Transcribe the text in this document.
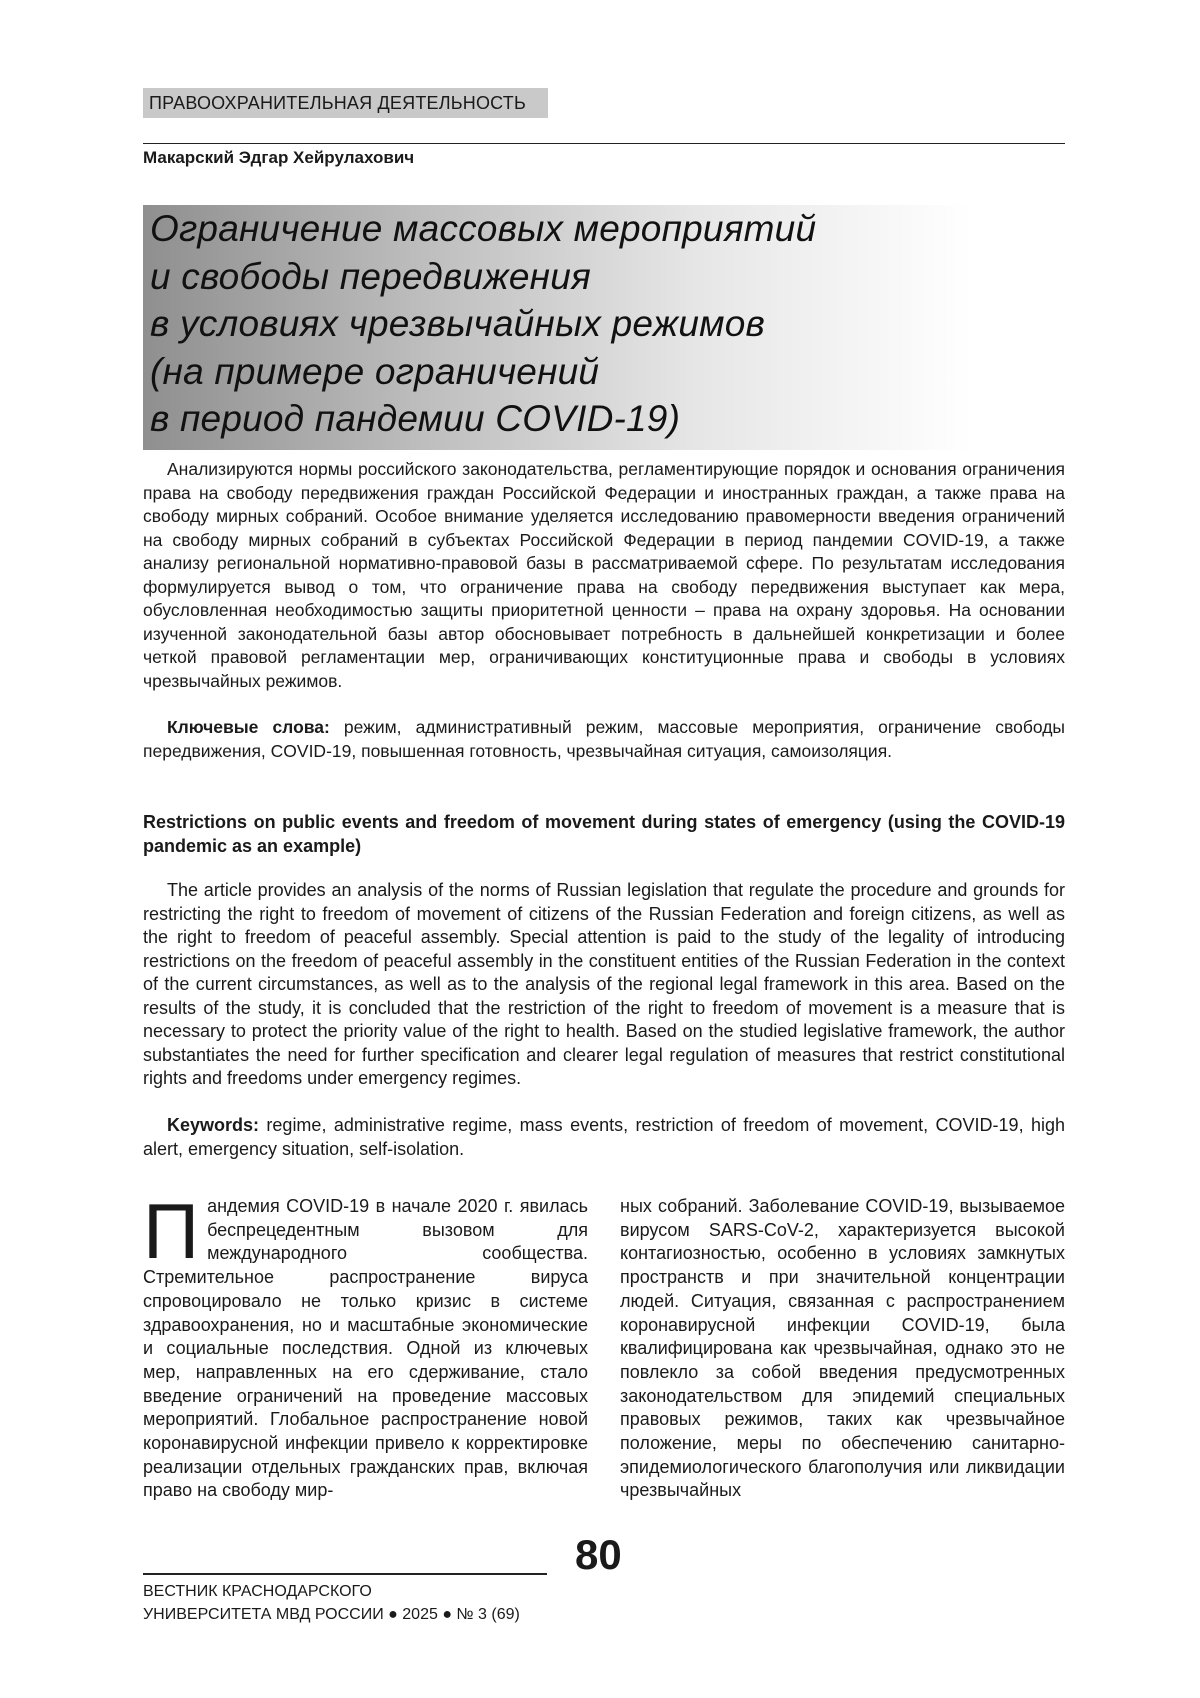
ПРАВООХРАНИТЕЛЬНАЯ ДЕЯТЕЛЬНОСТЬ
Макарский Эдгар Хейрулахович
Ограничение массовых мероприятий
и свободы передвижения
в условиях чрезвычайных режимов
(на примере ограничений
в период пандемии COVID-19)

Анализируются нормы российского законодательства, регламентирующие порядок и основания ограничения права на свободу передвижения граждан Российской Федерации и иностранных граждан, а также права на свободу мирных собраний. Особое внимание уделяется исследованию правомерности введения ограничений на свободу мирных собраний в субъектах Российской Федерации в период пандемии COVID-19, а также анализу региональной нормативно-правовой базы в рассматриваемой сфере. По результатам исследования формулируется вывод о том, что ограничение права на свободу передвижения выступает как мера, обусловленная необходимостью защиты приоритетной ценности – права на охрану здоровья. На основании изученной законодательной базы автор обосновывает потребность в дальнейшей конкретизации и более четкой правовой регламентации мер, ограничивающих конституционные права и свободы в условиях чрезвычайных режимов.

Ключевые слова: режим, административный режим, массовые мероприятия, ограничение свободы передвижения, COVID-19, повышенная готовность, чрезвычайная ситуация, самоизоляция.

Restrictions on public events and freedom of movement during states of emergency (using the COVID-19 pandemic as an example)

The article provides an analysis of the norms of Russian legislation that regulate the procedure and grounds for restricting the right to freedom of movement of citizens of the Russian Federation and foreign citizens, as well as the right to freedom of peaceful assembly. Special attention is paid to the study of the legality of introducing restrictions on the freedom of peaceful assembly in the constituent entities of the Russian Federation in the context of the current circumstances, as well as to the analysis of the regional legal framework in this area. Based on the results of the study, it is concluded that the restriction of the right to freedom of movement is a measure that is necessary to protect the priority value of the right to health. Based on the studied legislative framework, the author substantiates the need for further specification and clearer legal regulation of measures that restrict constitutional rights and freedoms under emergency regimes.

Keywords: regime, administrative regime, mass events, restriction of freedom of movement, COVID-19, high alert, emergency situation, self-isolation.

Пандемия COVID-19 в начале 2020 г. явилась беспрецедентным вызовом для международного сообщества. Стремительное распространение вируса спровоцировало не только кризис в системе здравоохранения, но и масштабные экономические и социальные последствия. Одной из ключевых мер, направленных на его сдерживание, стало введение ограничений на проведение массовых мероприятий. Глобальное распространение новой коронавирусной инфекции привело к корректировке реализации отдельных гражданских прав, включая право на свободу мир-

ных собраний. Заболевание COVID-19, вызываемое вирусом SARS-CoV-2, характеризуется высокой контагиозностью, особенно в условиях замкнутых пространств и при значительной концентрации людей. Ситуация, связанная с распространением коронавирусной инфекции COVID-19, была квалифицирована как чрезвычайная, однако это не повлекло за собой введения предусмотренных законодательством для эпидемий специальных правовых режимов, таких как чрезвычайное положение, меры по обеспечению санитарно-эпидемиологического благополучия или ликвидации чрезвычайных

80
ВЕСТНИК КРАСНОДАРСКОГО
УНИВЕРСИТЕТА МВД РОССИИ ● 2025 ● № 3 (69)
